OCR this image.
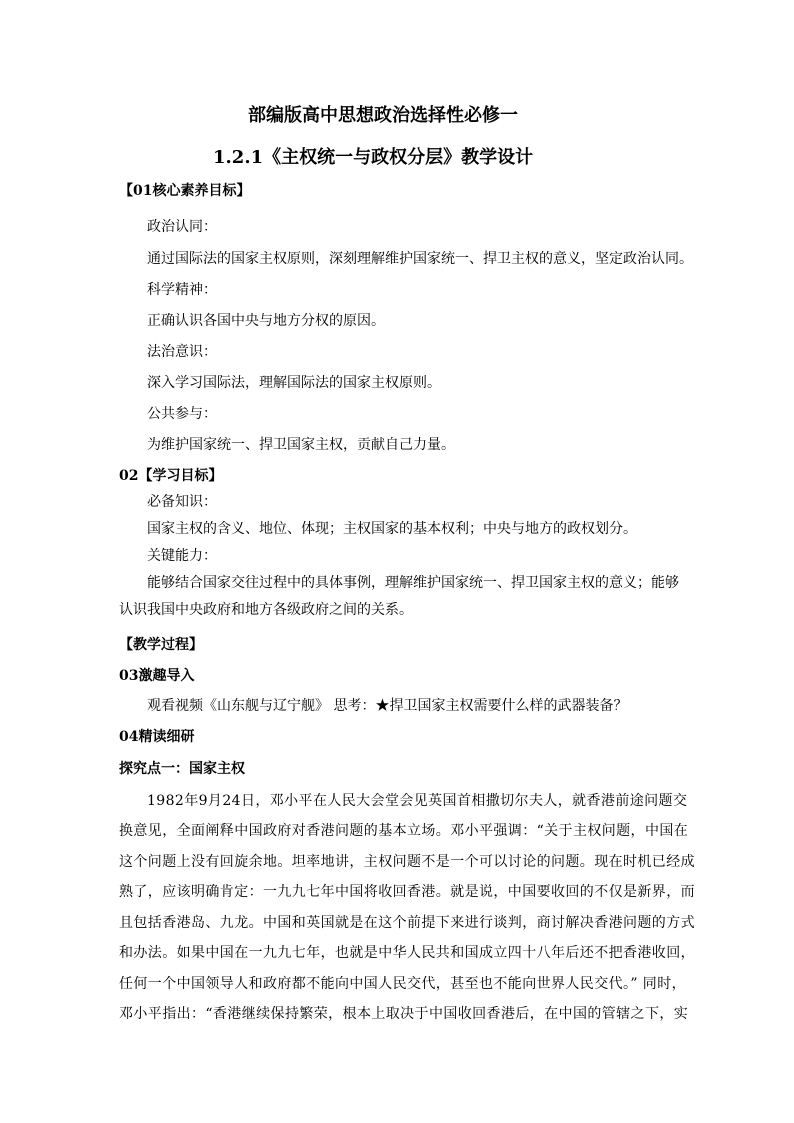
部编版高中思想政治选择性必修一
1.2.1《主权统一与政权分层》教学设计
【01核心素养目标】
政治认同：
通过国际法的国家主权原则，深刻理解维护国家统一、捍卫主权的意义，坚定政治认同。
科学精神：
正确认识各国中央与地方分权的原因。
法治意识：
深入学习国际法，理解国际法的国家主权原则。
公共参与：
为维护国家统一、捍卫国家主权，贡献自己力量。
02【学习目标】
必备知识：
国家主权的含义、地位、体现；主权国家的基本权利；中央与地方的政权划分。
关键能力：
能够结合国家交往过程中的具体事例，理解维护国家统一、捍卫国家主权的意义；能够
认识我国中央政府和地方各级政府之间的关系。
【教学过程】
03激趣导入
观看视频《山东舰与辽宁舰》 思考：★捍卫国家主权需要什么样的武器装备？
04精读细研
探究点一：国家主权
1982年9月24日，邓小平在人民大会堂会见英国首相撒切尔夫人，就香港前途问题交
换意见，全面阐释中国政府对香港问题的基本立场。邓小平强调：“关于主权问题，中国在
这个问题上没有回旋余地。坦率地讲，主权问题不是一个可以讨论的问题。现在时机已经成
熟了，应该明确肯定：一九九七年中国将收回香港。就是说，中国要收回的不仅是新界，而
且包括香港岛、九龙。中国和英国就是在这个前提下来进行谈判，商讨解决香港问题的方式
和办法。如果中国在一九九七年，也就是中华人民共和国成立四十八年后还不把香港收回，
任何一个中国领导人和政府都不能向中国人民交代，甚至也不能向世界人民交代。” 同时，
邓小平指出：“香港继续保持繁荣，根本上取决于中国收回香港后，在中国的管辖之下，实
